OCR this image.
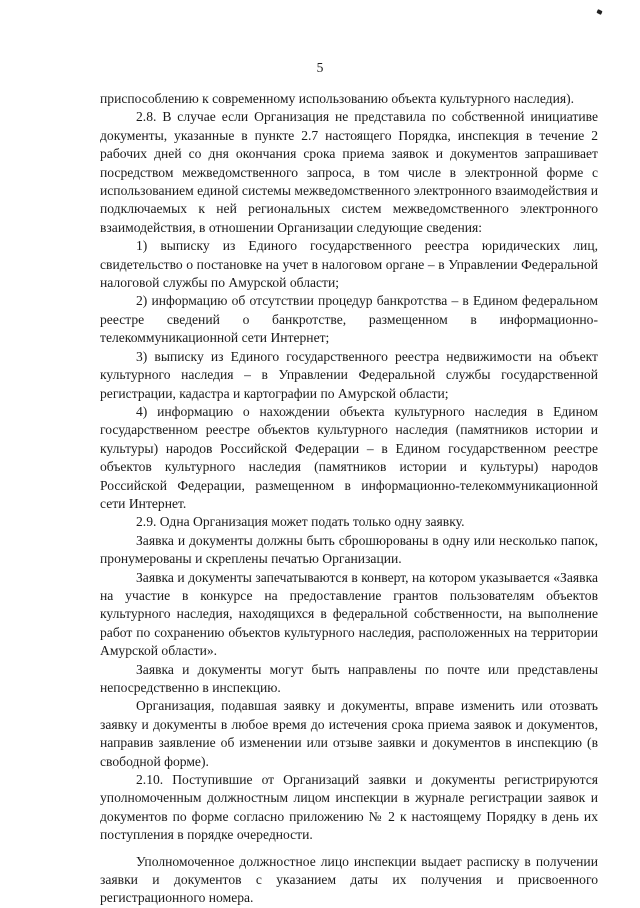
5

приспособлению к современному использованию объекта культурного наследия).

2.8. В случае если Организация не представила по собственной инициативе документы, указанные в пункте 2.7 настоящего Порядка, инспекция в течение 2 рабочих дней со дня окончания срока приема заявок и документов запрашивает посредством межведомственного запроса, в том числе в электронной форме с использованием единой системы межведомственного электронного взаимодействия и подключаемых к ней региональных систем межведомственного электронного взаимодействия, в отношении Организации следующие сведения:

1) выписку из Единого государственного реестра юридических лиц, свидетельство о постановке на учет в налоговом органе – в Управлении Федеральной налоговой службы по Амурской области;

2) информацию об отсутствии процедур банкротства – в Едином федеральном реестре сведений о банкротстве, размещенном в информационно-телекоммуникационной сети Интернет;

3) выписку из Единого государственного реестра недвижимости на объект культурного наследия – в Управлении Федеральной службы государственной регистрации, кадастра и картографии по Амурской области;

4) информацию о нахождении объекта культурного наследия в Едином государственном реестре объектов культурного наследия (памятников истории и культуры) народов Российской Федерации – в Едином государственном реестре объектов культурного наследия (памятников истории и культуры) народов Российской Федерации, размещенном в информационно-телекоммуникационной сети Интернет.

2.9. Одна Организация может подать только одну заявку.

Заявка и документы должны быть сброшюрованы в одну или несколько папок, пронумерованы и скреплены печатью Организации.

Заявка и документы запечатываются в конверт, на котором указывается «Заявка на участие в конкурсе на предоставление грантов пользователям объектов культурного наследия, находящихся в федеральной собственности, на выполнение работ по сохранению объектов культурного наследия, расположенных на территории Амурской области».

Заявка и документы могут быть направлены по почте или представлены непосредственно в инспекцию.

Организация, подавшая заявку и документы, вправе изменить или отозвать заявку и документы в любое время до истечения срока приема заявок и документов, направив заявление об изменении или отзыве заявки и документов в инспекцию (в свободной форме).

2.10. Поступившие от Организаций заявки и документы регистрируются уполномоченным должностным лицом инспекции в журнале регистрации заявок и документов по форме согласно приложению № 2 к настоящему Порядку в день их поступления в порядке очередности.

Уполномоченное должностное лицо инспекции выдает расписку в получении заявки и документов с указанием даты их получения и присвоенного регистрационного номера.
